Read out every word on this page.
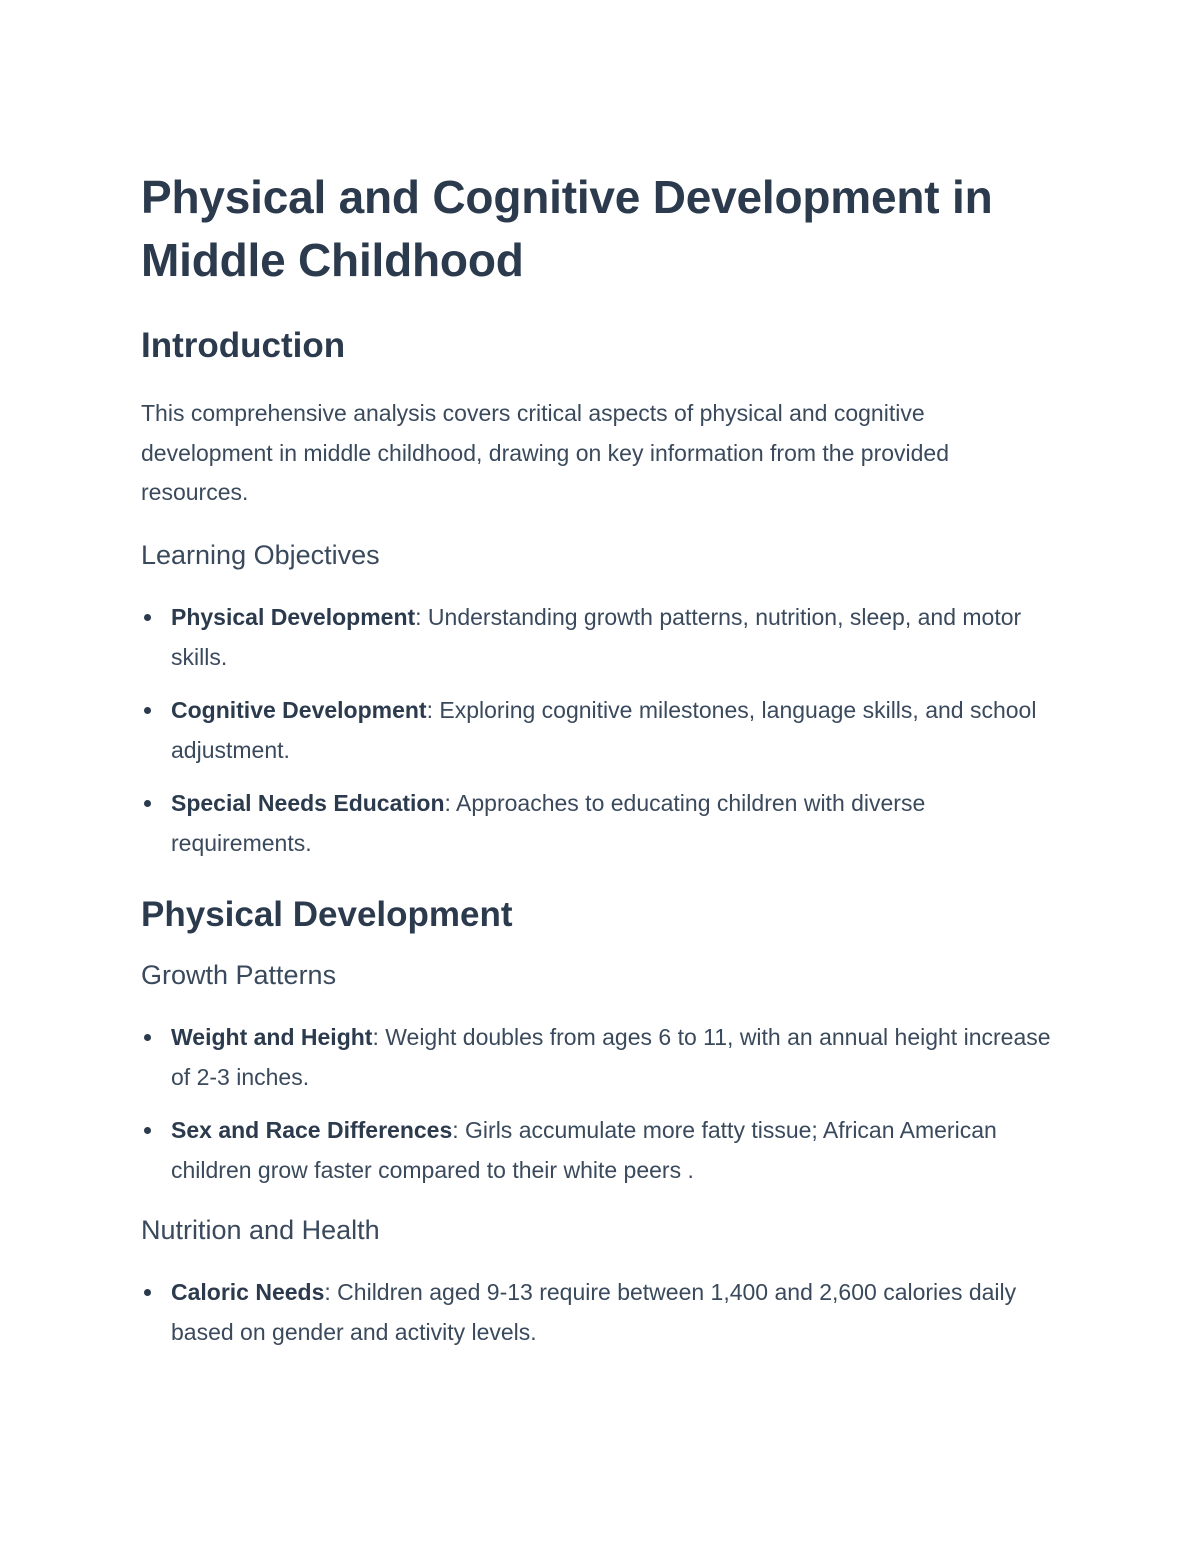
Physical and Cognitive Development in Middle Childhood
Introduction

This comprehensive analysis covers critical aspects of physical and cognitive development in middle childhood, drawing on key information from the provided resources.

Learning Objectives
Physical Development: Understanding growth patterns, nutrition, sleep, and motor skills.
Cognitive Development: Exploring cognitive milestones, language skills, and school adjustment.
Special Needs Education: Approaches to educating children with diverse requirements.
Physical Development
Growth Patterns
Weight and Height: Weight doubles from ages 6 to 11, with an annual height increase of 2-3 inches.
Sex and Race Differences: Girls accumulate more fatty tissue; African American children grow faster compared to their white peers .
Nutrition and Health
Caloric Needs: Children aged 9-13 require between 1,400 and 2,600 calories daily based on gender and activity levels.
